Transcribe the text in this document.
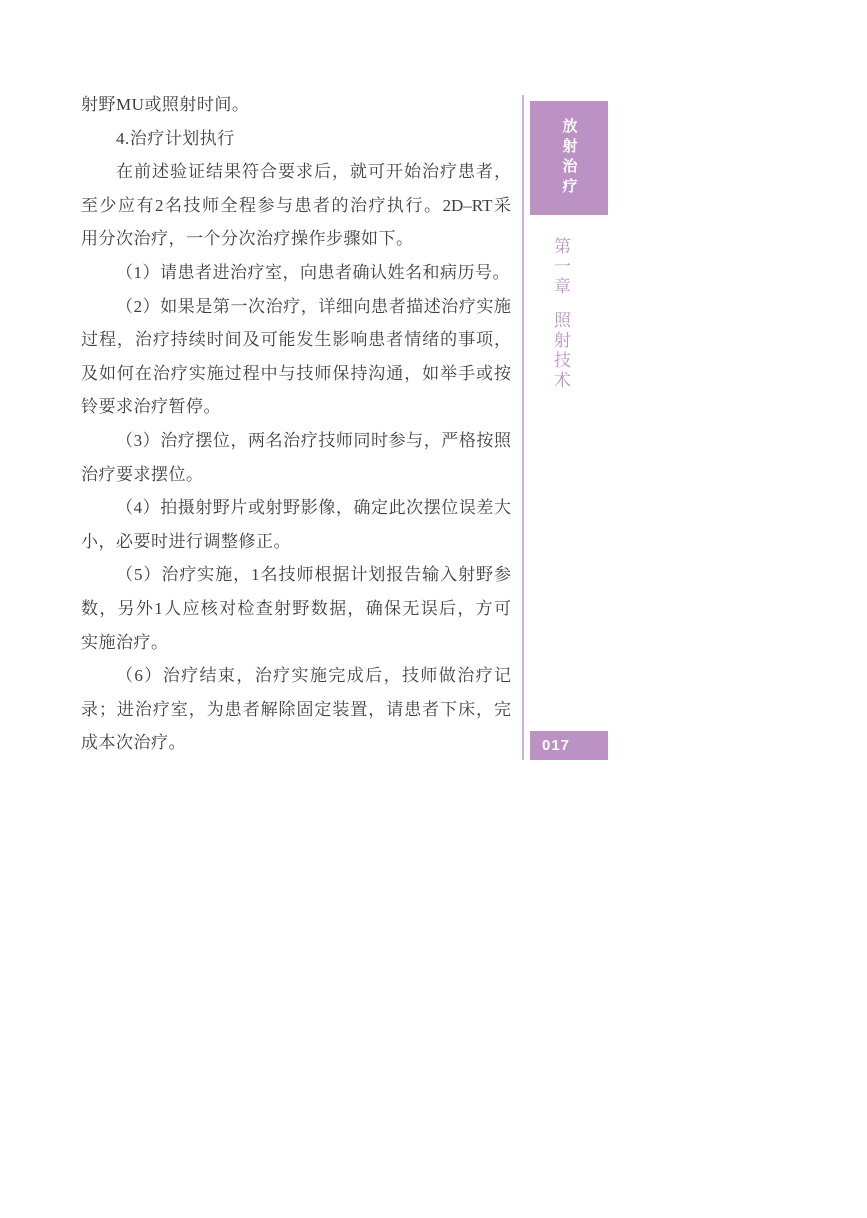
射野MU或照射时间。
4.治疗计划执行
在前述验证结果符合要求后，就可开始治疗患者，
至少应有2名技师全程参与患者的治疗执行。2D–RT采
用分次治疗，一个分次治疗操作步骤如下。
（1）请患者进治疗室，向患者确认姓名和病历号。
（2）如果是第一次治疗，详细向患者描述治疗实施
过程，治疗持续时间及可能发生影响患者情绪的事项，
及如何在治疗实施过程中与技师保持沟通，如举手或按
铃要求治疗暂停。
（3）治疗摆位，两名治疗技师同时参与，严格按照
治疗要求摆位。
（4）拍摄射野片或射野影像，确定此次摆位误差大
小，必要时进行调整修正。
（5）治疗实施，1名技师根据计划报告输入射野参
数，另外1人应核对检查射野数据，确保无误后，方可
实施治疗。
（6）治疗结束，治疗实施完成后，技师做治疗记
录；进治疗室，为患者解除固定装置，请患者下床，完
成本次治疗。
放射治疗
第一章照射技术
017
